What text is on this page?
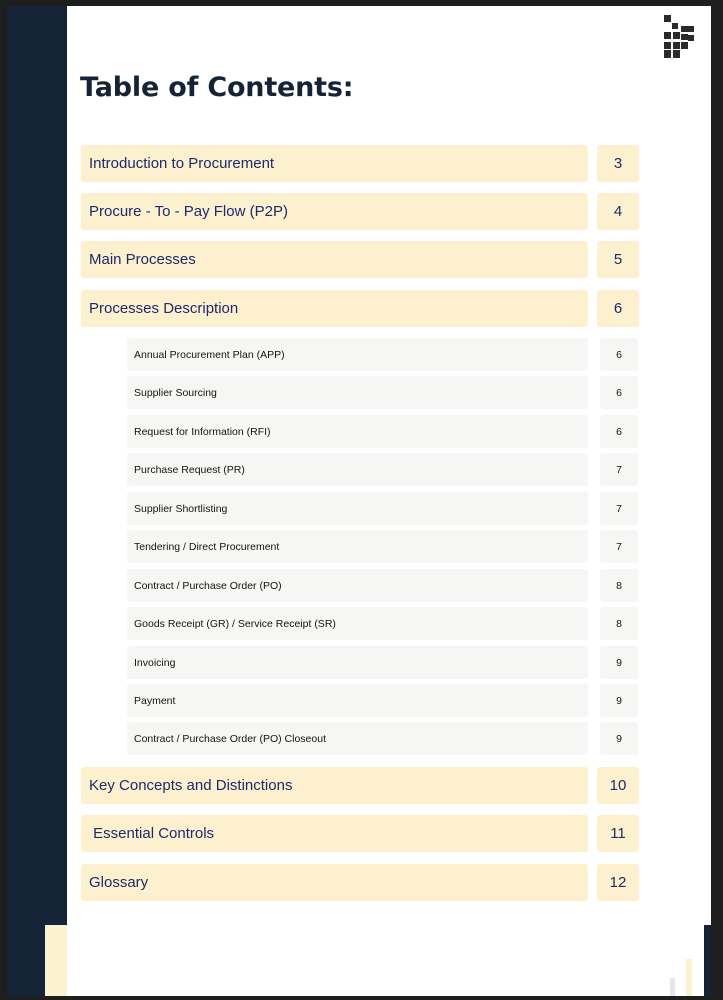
Table of Contents:
Introduction to Procurement	3
Procure - To - Pay Flow (P2P)	4
Main Processes	5
Processes Description	6
Annual Procurement Plan (APP)	6
Supplier Sourcing	6
Request for Information (RFI)	6
Purchase Request (PR)	7
Supplier Shortlisting	7
Tendering / Direct Procurement	7
Contract / Purchase Order (PO)	8
Goods Receipt (GR) / Service Receipt (SR)	8
Invoicing	9
Payment	9
Contract / Purchase Order (PO) Closeout	9
Key Concepts and Distinctions	10
Essential Controls	11
Glossary	12
